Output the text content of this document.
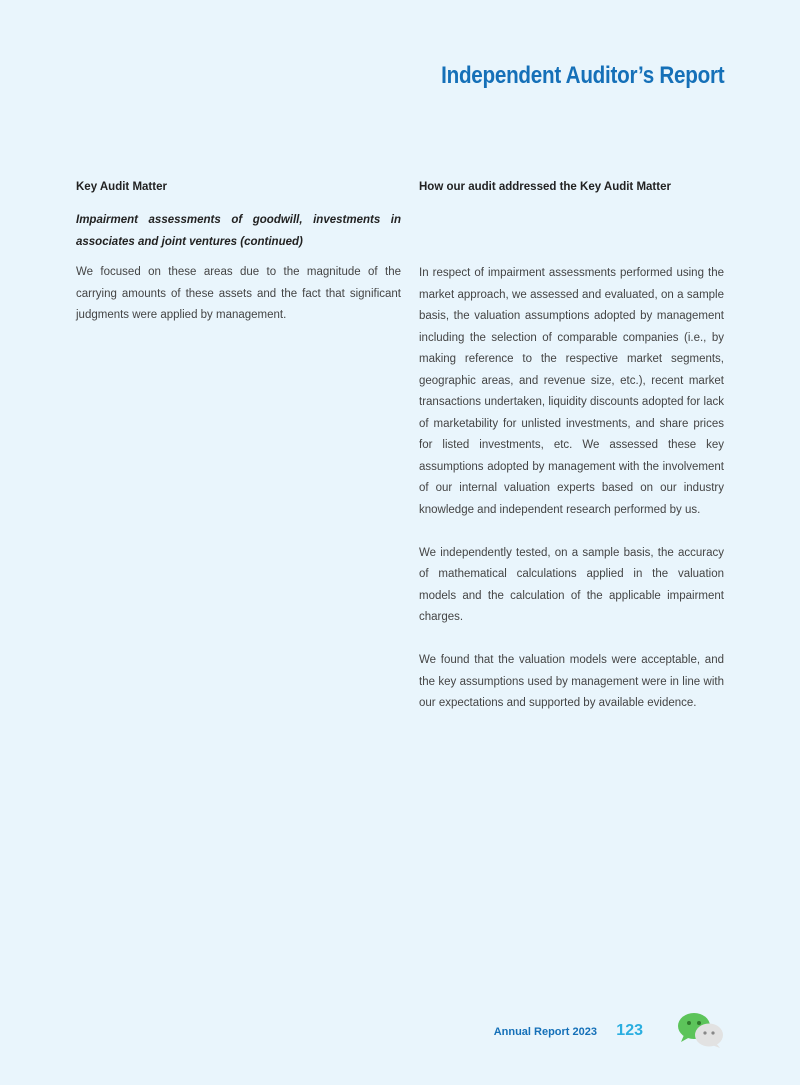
Independent Auditor’s Report

Key Audit Matter

Impairment assessments of goodwill, investments in associates and joint ventures (continued)

We focused on these areas due to the magnitude of the carrying amounts of these assets and the fact that significant judgments were applied by management.

How our audit addressed the Key Audit Matter

In respect of impairment assessments performed using the market approach, we assessed and evaluated, on a sample basis, the valuation assumptions adopted by management including the selection of comparable companies (i.e., by making reference to the respective market segments, geographic areas, and revenue size, etc.), recent market transactions undertaken, liquidity discounts adopted for lack of marketability for unlisted investments, and share prices for listed investments, etc. We assessed these key assumptions adopted by management with the involvement of our internal valuation experts based on our industry knowledge and independent research performed by us.

We independently tested, on a sample basis, the accuracy of mathematical calculations applied in the valuation models and the calculation of the applicable impairment charges.

We found that the valuation models were acceptable, and the key assumptions used by management were in line with our expectations and supported by available evidence.

Annual Report 2023 123
